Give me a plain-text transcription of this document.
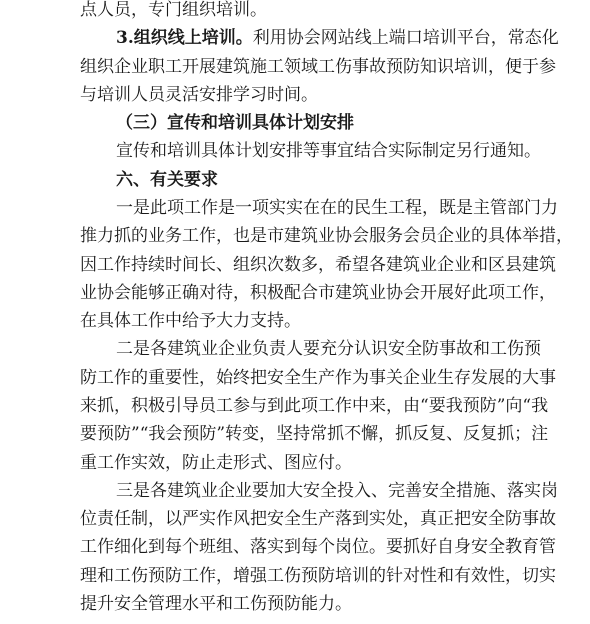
点人员，专门组织培训。
3.组织线上培训。利用协会网站线上端口培训平台，常态化
组织企业职工开展建筑施工领域工伤事故预防知识培训，便于参
与培训人员灵活安排学习时间。
（三）宣传和培训具体计划安排
宣传和培训具体计划安排等事宜结合实际制定另行通知。
六、有关要求
一是此项工作是一项实实在在的民生工程，既是主管部门力
推力抓的业务工作，也是市建筑业协会服务会员企业的具体举措，
因工作持续时间长、组织次数多，希望各建筑业企业和区县建筑
业协会能够正确对待，积极配合市建筑业协会开展好此项工作，
在具体工作中给予大力支持。
二是各建筑业企业负责人要充分认识安全防事故和工伤预
防工作的重要性，始终把安全生产作为事关企业生存发展的大事
来抓，积极引导员工参与到此项工作中来，由“要我预防”向“我
要预防”“我会预防”转变，坚持常抓不懈，抓反复、反复抓；注
重工作实效，防止走形式、图应付。
三是各建筑业企业要加大安全投入、完善安全措施、落实岗
位责任制，以严实作风把安全生产落到实处，真正把安全防事故
工作细化到每个班组、落实到每个岗位。要抓好自身安全教育管
理和工伤预防工作，增强工伤预防培训的针对性和有效性，切实
提升安全管理水平和工伤预防能力。
